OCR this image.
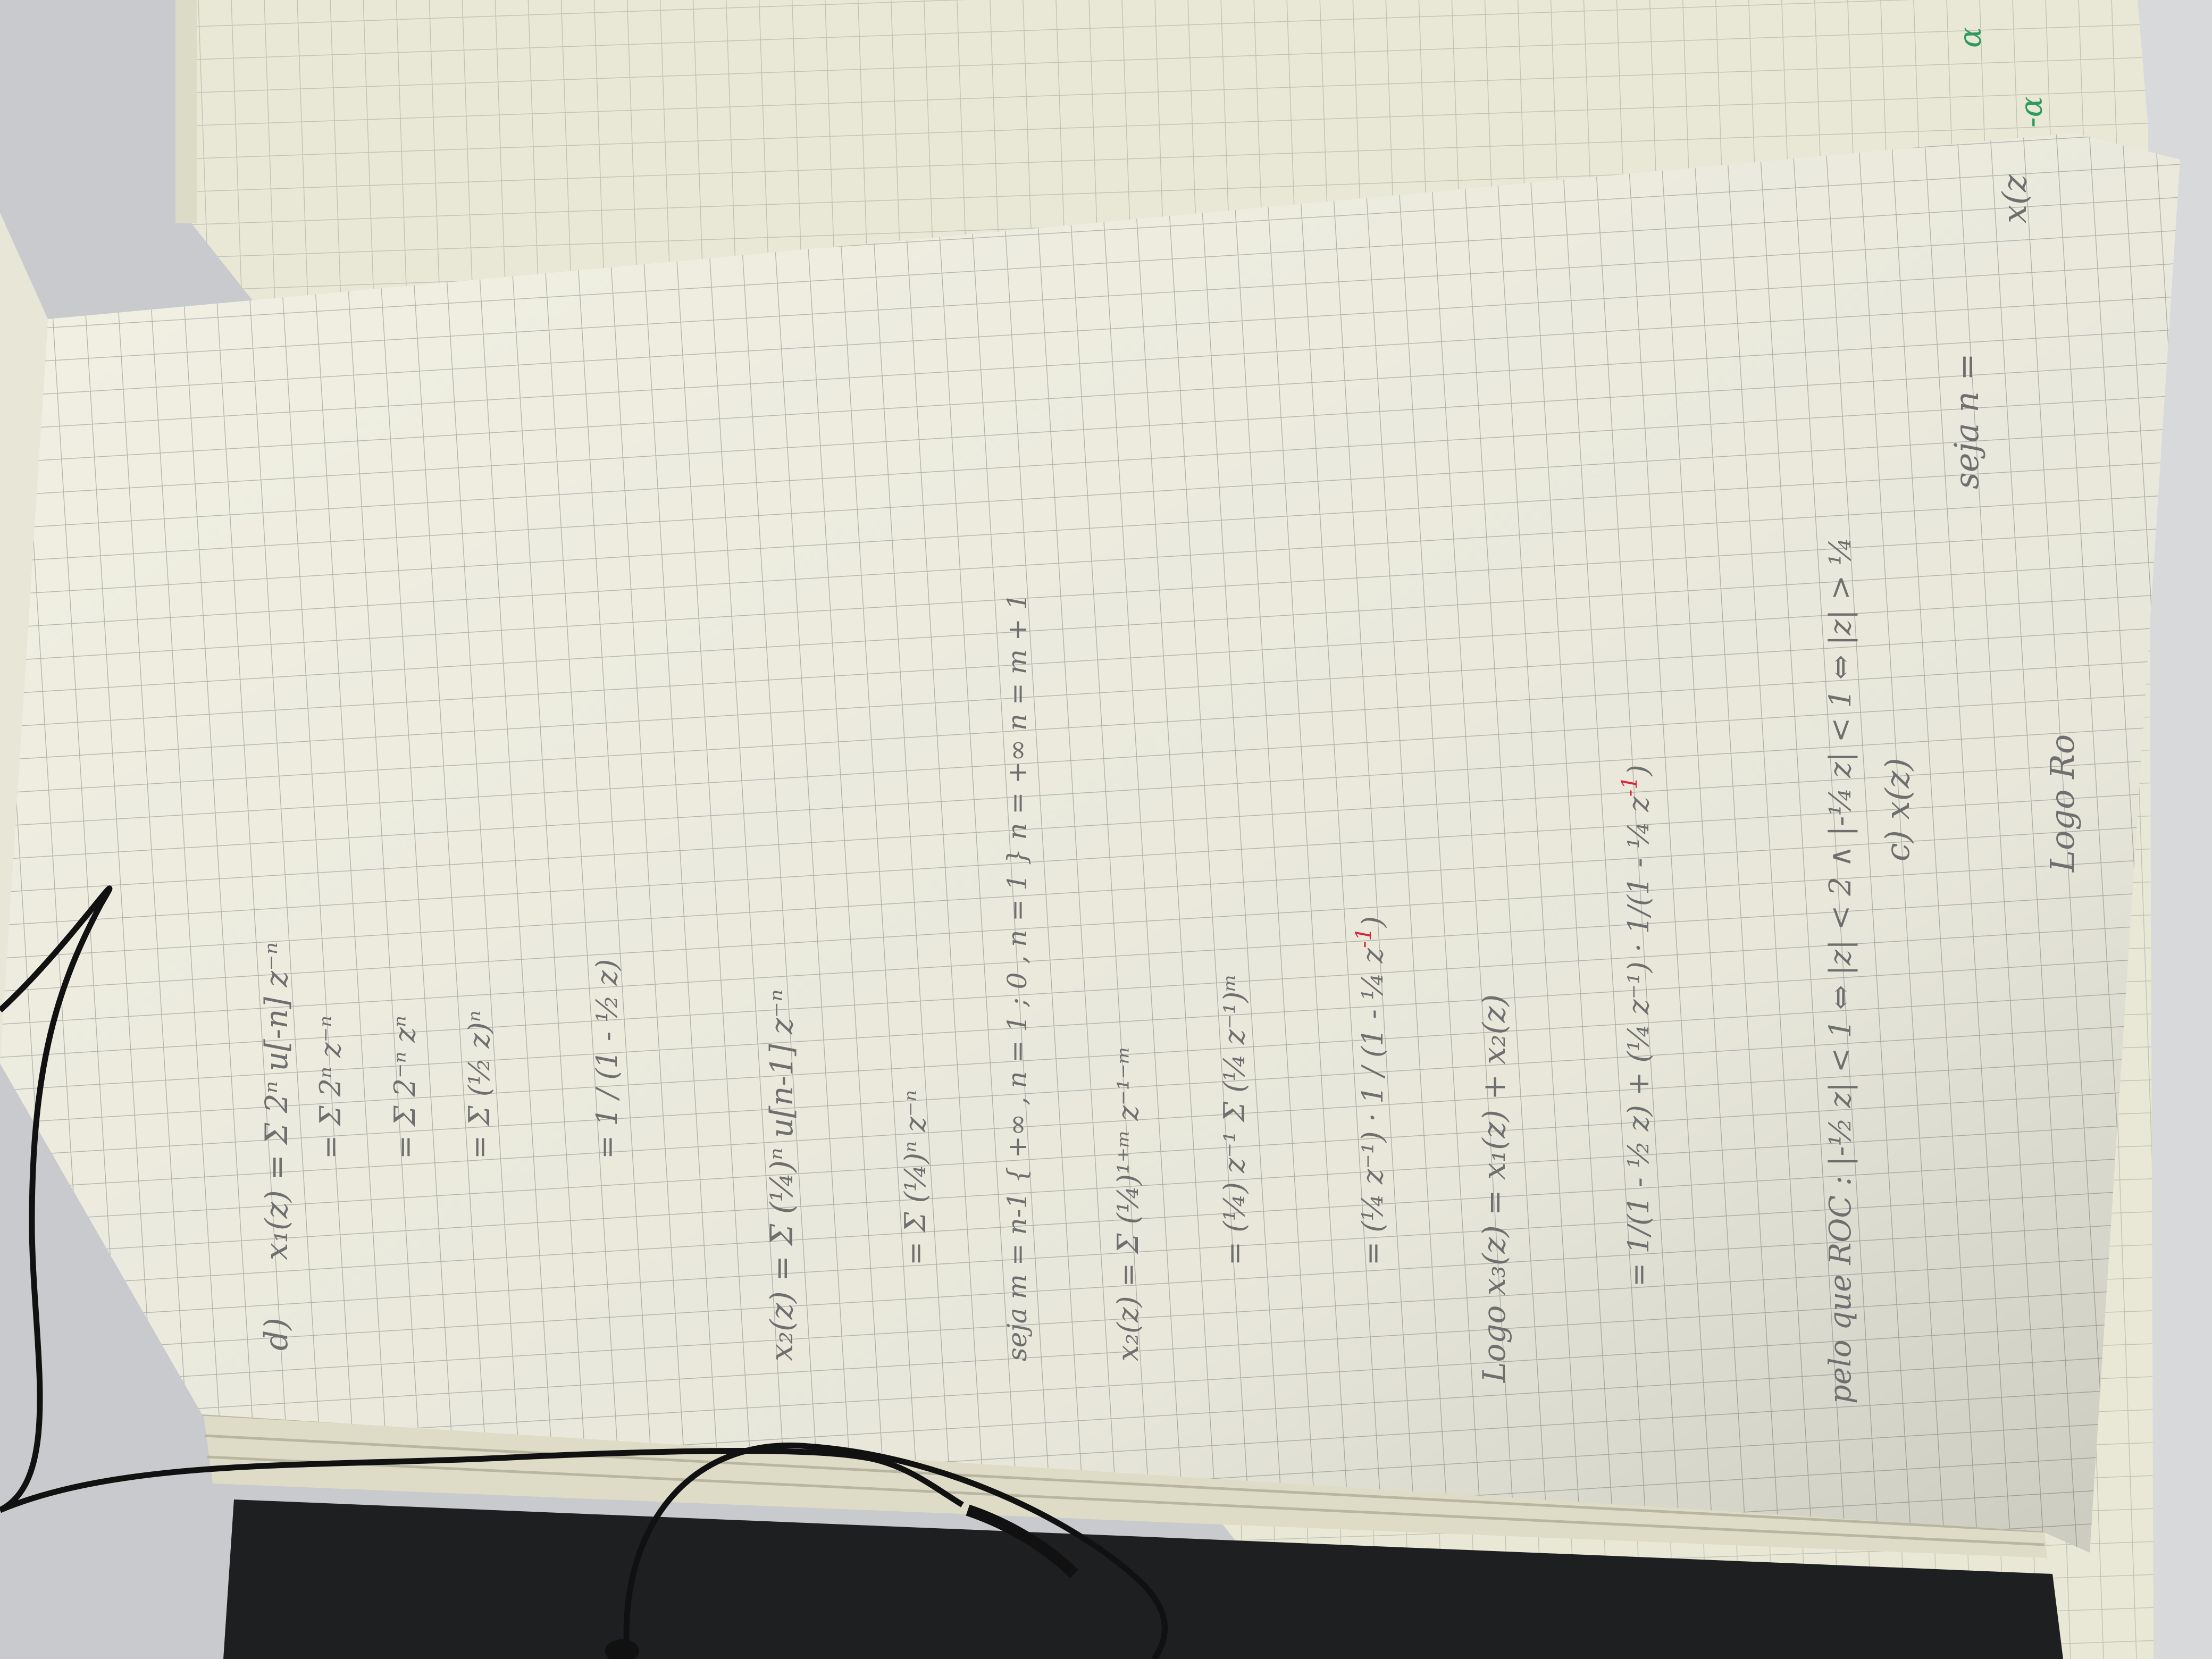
c) x(z)
seja n =
x(z
Logo Ro
-α
α
d)
x₁(z) = Σ 2ⁿ u[-n] z⁻ⁿ = Σ 2ⁿ z⁻ⁿ = Σ 2⁻ⁿ zⁿ = Σ (½ z)ⁿ	= 1 / (1 - ½ z)	x₂(z) = Σ (¼)ⁿ u[n-1] z⁻ⁿ	= Σ (¼)ⁿ z⁻ⁿ	seja m = n-1 { +∞ , n = 1 ; 0 , n = 1 } n = +∞ n = m + 1	x₂(z) = Σ (¼)¹⁺ᵐ z⁻¹⁻ᵐ	= (¼) z⁻¹ Σ (¼ z⁻¹)ᵐ	= (¼ z⁻¹) · 1 / (1 - ¼ $z^{-1}$)
Logo x₃(z) = x₁(z) + x₂(z)	= 1/(1 - ½ z) + (¼ z⁻¹) · 1/(1 - ¼ $z^{-1}$)	pelo que ROC : |-½ z| < 1 ⇔ |z| < 2 ∧ |-¼ z| < 1 ⇔ |z| > ¼
